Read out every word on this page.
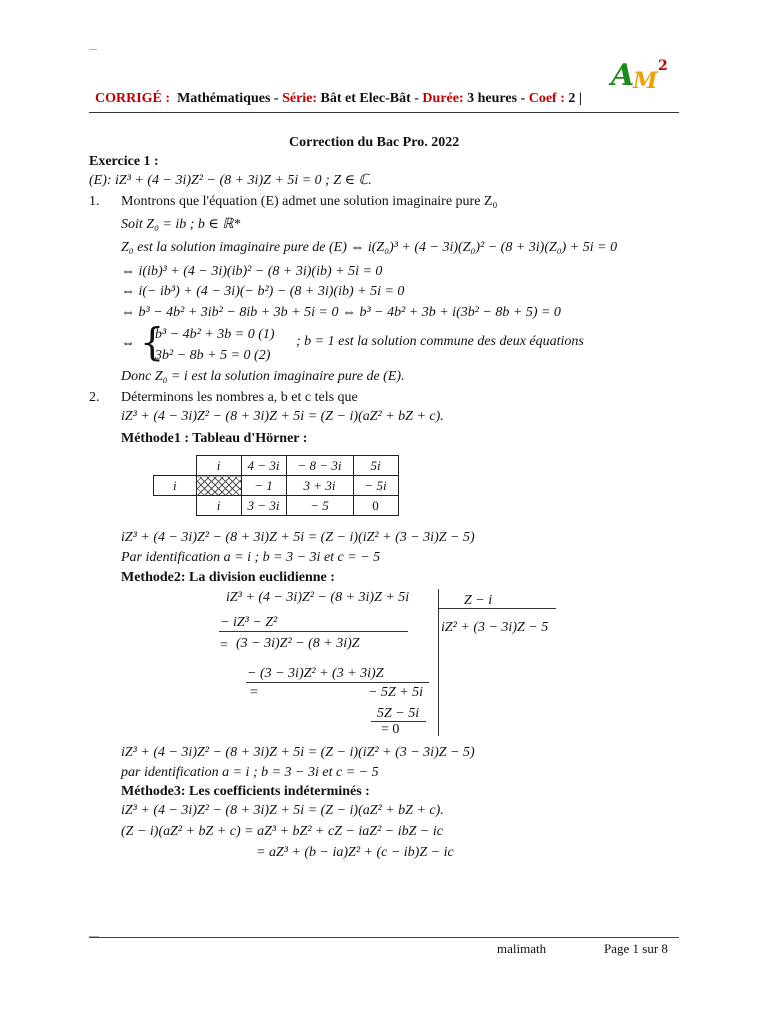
A
M
2
CORRIGÉ : Mathématiques - Série: Bât et Elec-Bât - Durée: 3 heures - Coef : 2 |
Correction du Bac Pro. 2022
Exercice 1 :
(E): iZ³ + (4 − 3i)Z² − (8 + 3i)Z + 5i = 0 ; Z ∈ ℂ.
1. Montrons que l'équation (E) admet une solution imaginaire pure Z₀
Soit Z₀ = ib ; b ∈ ℝ*
Z₀ est la solution imaginaire pure de (E) ⇔ i(Z₀)³ + (4 − 3i)(Z₀)² − (8 + 3i)(Z₀) + 5i = 0
⇔ i(ib)³ + (4 − 3i)(ib)² − (8 + 3i)(ib) + 5i = 0
⇔ i(− ib³) + (4 − 3i)(− b²) − (8 + 3i)(ib) + 5i = 0
⇔ b³ − 4b² + 3ib² − 8ib + 3b + 5i = 0 ⇔ b³ − 4b² + 3b + i(3b² − 8b + 5) = 0
⇔ {
b³ − 4b² + 3b = 0 (1)
3b² − 8b + 5 = 0 (2)
; b = 1 est la solution commune des deux équations
Donc Z₀ = i est la solution imaginaire pure de (E).
2. Déterminons les nombres a, b et c tels que
iZ³ + (4 − 3i)Z² − (8 + 3i)Z + 5i = (Z − i)(aZ² + bZ + c).
Méthode1 : Tableau d'Hörner :
	i	4 − 3i	− 8 − 3i	5i
i		− 1	3 + 3i	− 5i
	i	3 − 3i	− 5	0
iZ³ + (4 − 3i)Z² − (8 + 3i)Z + 5i = (Z − i)(iZ² + (3 − 3i)Z − 5)
Par identification a = i ; b = 3 − 3i et c = − 5
Methode2: La division euclidienne :
iZ³ + (4 − 3i)Z² − (8 + 3i)Z + 5i	Z − i
iZ² + (3 − 3i)Z − 5
− iZ³ − Z²
= (3 − 3i)Z² − (8 + 3i)Z
− (3 − 3i)Z² + (3 + 3i)Z
=	− 5Z + 5i
5Z − 5i
= 0
iZ³ + (4 − 3i)Z² − (8 + 3i)Z + 5i = (Z − i)(iZ² + (3 − 3i)Z − 5)
par identification a = i ; b = 3 − 3i et c = − 5
Méthode3: Les coefficients indéterminés :
iZ³ + (4 − 3i)Z² − (8 + 3i)Z + 5i = (Z − i)(aZ² + bZ + c).
(Z − i)(aZ² + bZ + c) = aZ³ + bZ² + cZ − iaZ² − ibZ − ic
= aZ³ + (b − ia)Z² + (c − ib)Z − ic
malimath	Page 1 sur 8
